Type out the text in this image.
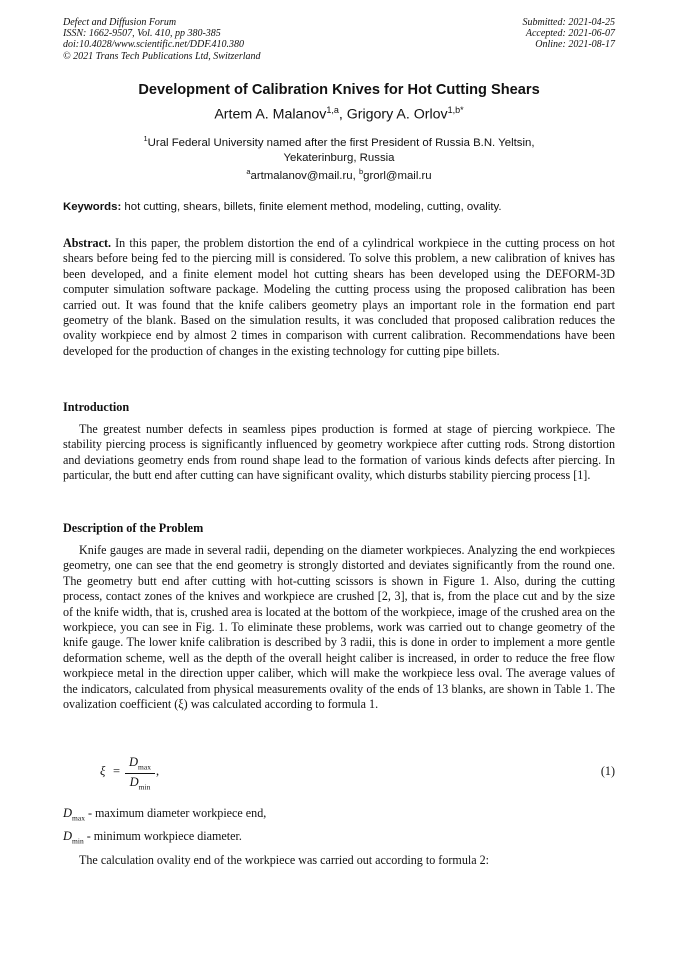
Defect and Diffusion Forum
ISSN: 1662-9507, Vol. 410, pp 380-385
doi:10.4028/www.scientific.net/DDF.410.380
© 2021 Trans Tech Publications Ltd, Switzerland
Submitted: 2021-04-25
Accepted: 2021-06-07
Online: 2021-08-17
Development of Calibration Knives for Hot Cutting Shears
Artem A. Malanov$^{1,a}$, Grigory A. Orlov$^{1,b*}$
$^1$Ural Federal University named after the first President of Russia B.N. Yeltsin,
Yekaterinburg, Russia
$^a$artmalanov@mail.ru, $^b$grorl@mail.ru
Keywords: hot cutting, shears, billets, finite element method, modeling, cutting, ovality.
Abstract. In this paper, the problem distortion the end of a cylindrical workpiece in the cutting process on hot shears before being fed to the piercing mill is considered. To solve this problem, a new calibration of knives has been developed, and a finite element model hot cutting shears has been developed using the DEFORM-3D computer simulation software package. Modeling the cutting process using the proposed calibration has been carried out. It was found that the knife calibers geometry plays an important role in the formation end part geometry of the blank. Based on the simulation results, it was concluded that proposed calibration reduces the ovality workpiece end by almost 2 times in comparison with current calibration. Recommendations have been developed for the production of changes in the existing technology for cutting pipe billets.
Introduction
The greatest number defects in seamless pipes production is formed at stage of piercing workpiece. The stability piercing process is significantly influenced by geometry workpiece after cutting rods. Strong distortion and deviations geometry ends from round shape lead to the formation of various kinds defects after piercing. In particular, the butt end after cutting can have significant ovality, which disturbs stability piercing process [1].
Description of the Problem
Knife gauges are made in several radii, depending on the diameter workpieces. Analyzing the end workpieces geometry, one can see that the end geometry is strongly distorted and deviates significantly from the round one. The geometry butt end after cutting with hot-cutting scissors is shown in Figure 1. Also, during the cutting process, contact zones of the knives and workpiece are crushed [2, 3], that is, from the place cut and by the size of the knife width, that is, crushed area is located at the bottom of the workpiece, image of the crushed area on the workpiece, you can see in Fig. 1. To eliminate these problems, work was carried out to change geometry of the knife gauge. The lower knife calibration is described by 3 radii, this is done in order to implement a more gentle deformation scheme, well as the depth of the overall height caliber is increased, in order to reduce the free flow workpiece metal in the direction upper caliber, which will make the workpiece less oval. The average values of the indicators, calculated from physical measurements ovality of the ends of 13 blanks, are shown in Table 1. The ovalization coefficient (ξ) was calculated according to formula 1.
ξ =
$D_{max}$
$D_{min}$
,	(1)
$D_{max}$ - maximum diameter workpiece end,
$D_{min}$ - minimum workpiece diameter.
The calculation ovality end of the workpiece was carried out according to formula 2:
